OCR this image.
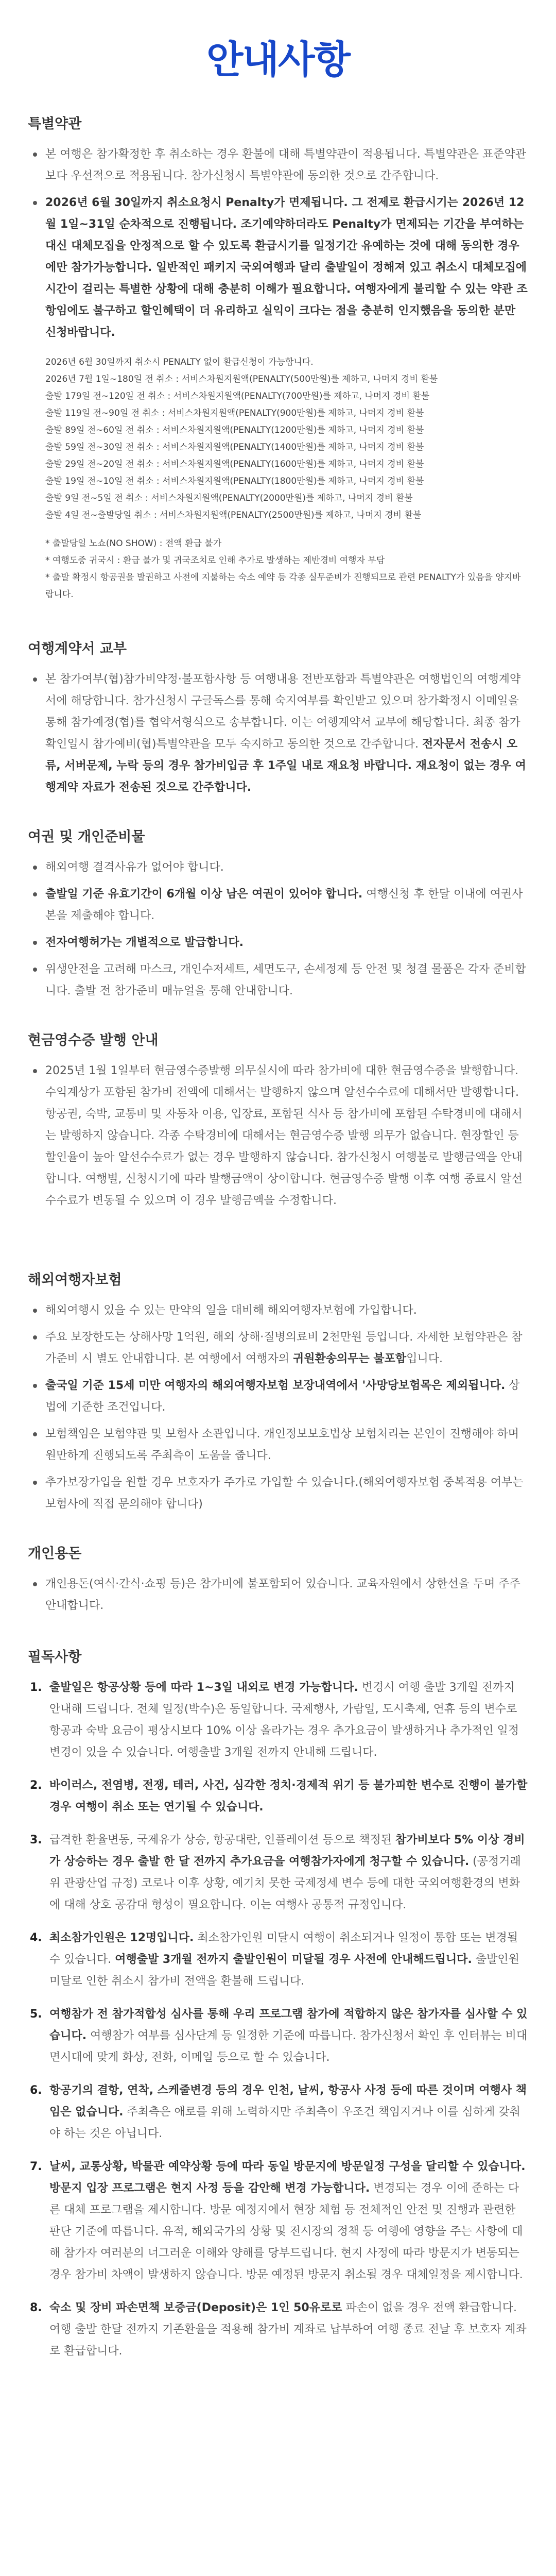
안내사항
특별약관
본 여행은 참가확정한 후 취소하는 경우 환불에 대해 특별약관이 적용됩니다. 특별약관은 표준약관보다 우선적으로 적용됩니다. 참가신청시 특별약관에 동의한 것으로 간주합니다.
2026년 6월 30일까지 취소요청시 Penalty가 면제됩니다. 그 전제로 환급시기는 2026년 12월 1일~31일 순차적으로 진행됩니다. 조기예약하더라도 Penalty가 면제되는 기간을 부여하는 대신 대체모집을 안정적으로 할 수 있도록 환급시기를 일정기간 유예하는 것에 대해 동의한 경우에만 참가가능합니다. 일반적인 패키지 국외여행과 달리 출발일이 정해져 있고 취소시 대체모집에 시간이 걸리는 특별한 상황에 대해 충분히 이해가 필요합니다. 여행자에게 불리할 수 있는 약관 조항임에도 불구하고 할인혜택이 더 유리하고 실익이 크다는 점을 충분히 인지했음을 동의한 분만 신청바랍니다.
2026년 6월 30일까지 취소시 PENALTY 없이 환급신청이 가능합니다.
2026년 7월 1일~180일 전 취소 : 서비스차원지원액(PENALTY(500만원)를 제하고, 나머지 경비 환불
출발 179일 전~120일 전 취소 : 서비스차원지원액(PENALTY(700만원)를 제하고, 나머지 경비 환불
출발 119일 전~90일 전 취소 : 서비스차원지원액(PENALTY(900만원)를 제하고, 나머지 경비 환불
출발 89일 전~60일 전 취소 : 서비스차원지원액(PENALTY(1200만원)를 제하고, 나머지 경비 환불
출발 59일 전~30일 전 취소 : 서비스차원지원액(PENALTY(1400만원)를 제하고, 나머지 경비 환불
출발 29일 전~20일 전 취소 : 서비스차원지원액(PENALTY(1600만원)를 제하고, 나머지 경비 환불
출발 19일 전~10일 전 취소 : 서비스차원지원액(PENALTY(1800만원)를 제하고, 나머지 경비 환불
출발 9일 전~5일 전 취소 : 서비스차원지원액(PENALTY(2000만원)를 제하고, 나머지 경비 환불
출발 4일 전~출발당일 취소 : 서비스차원지원액(PENALTY(2500만원)를 제하고, 나머지 경비 환불
* 출발당일 노쇼(NO SHOW) : 전액 환급 불가
* 여행도중 귀국시 : 환급 불가 및 귀국조치로 인해 추가로 발생하는 제반경비 여행자 부담
* 출발 확정시 항공권을 발권하고 사전에 지불하는 숙소 예약 등 각종 실무준비가 진행되므로 관련 PENALTY가 있음을 양지바랍니다.
여행계약서 교부
본 참가여부(협)참가비약정·불포함사항 등 여행내용 전반포함과 특별약관은 여행법인의 여행계약서에 해당합니다. 참가신청시 구글독스를 통해 숙지여부를 확인받고 있으며 참가확정시 이메일을 통해 참가예정(협)를 협약서형식으로 송부합니다. 이는 여행계약서 교부에 해당합니다. 최종 참가확인일시 참가예비(협)특별약관을 모두 숙지하고 동의한 것으로 간주합니다. 전자문서 전송시 오류, 서버문제, 누락 등의 경우 참가비입금 후 1주일 내로 재요청 바랍니다. 재요청이 없는 경우 여행계약 자료가 전송된 것으로 간주합니다.
여권 및 개인준비물
해외여행 결격사유가 없어야 합니다.
출발일 기준 유효기간이 6개월 이상 남은 여권이 있어야 합니다. 여행신청 후 한달 이내에 여권사본을 제출해야 합니다.
전자여행허가는 개별적으로 발급합니다.
위생안전을 고려해 마스크, 개인수저세트, 세면도구, 손세정제 등 안전 및 청결 물품은 각자 준비합니다. 출발 전 참가준비 매뉴얼을 통해 안내합니다.
현금영수증 발행 안내
2025년 1월 1일부터 현금영수증발행 의무실시에 따라 참가비에 대한 현금영수증을 발행합니다. 수익계상가 포함된 참가비 전액에 대해서는 발행하지 않으며 알선수수료에 대해서만 발행합니다. 항공권, 숙박, 교통비 및 자동차 이용, 입장료, 포함된 식사 등 참가비에 포함된 수탁경비에 대해서는 발행하지 않습니다. 각종 수탁경비에 대해서는 현금영수증 발행 의무가 없습니다. 현장할인 등 할인율이 높아 알선수수료가 없는 경우 발행하지 않습니다. 참가신청시 여행불로 발행금액을 안내합니다. 여행별, 신청시기에 따라 발행금액이 상이합니다. 현금영수증 발행 이후 여행 종료시 알선수수료가 변동될 수 있으며 이 경우 발행금액을 수정합니다.
해외여행자보험
해외여행시 있을 수 있는 만약의 일을 대비해 해외여행자보험에 가입합니다.
주요 보장한도는 상해사망 1억원, 해외 상해·질병의료비 2천만원 등입니다. 자세한 보험약관은 참가준비 시 별도 안내합니다. 본 여행에서 여행자의 귀원환송의무는 불포함입니다.
출국일 기준 15세 미만 여행자의 해외여행자보험 보장내역에서 '사망당보험목은 제외됩니다. 상법에 기준한 조건입니다.
보험책임은 보험약관 및 보험사 소관입니다. 개인정보보호법상 보험처리는 본인이 진행해야 하며 원만하게 진행되도록 주최측이 도움을 줍니다.
추가보장가입을 원할 경우 보호자가 주가로 가입할 수 있습니다.(해외여행자보험 중복적용 여부는 보험사에 직접 문의해야 합니다)
개인용돈
개인용돈(여식·간식·쇼핑 등)은 참가비에 불포함되어 있습니다. 교육자원에서 상한선을 두며 주주 안내합니다.
필독사항
1. 출발일은 항공상황 등에 따라 1~3일 내외로 변경 가능합니다. 변경시 여행 출발 3개월 전까지 안내해 드립니다. 전체 일정(박수)은 동일합니다. 국제행사, 가람일, 도시축제, 연휴 등의 변수로 항공과 숙박 요금이 평상시보다 10% 이상 올라가는 경우 추가요금이 발생하거나 추가적인 일정변경이 있을 수 있습니다. 여행출발 3개월 전까지 안내해 드립니다.
2. 바이러스, 전염병, 전쟁, 테러, 사건, 심각한 정치·경제적 위기 등 불가피한 변수로 진행이 불가할 경우 여행이 취소 또는 연기될 수 있습니다.
3. 급격한 환율변동, 국제유가 상승, 항공대란, 인플레이션 등으로 책정된 참가비보다 5% 이상 경비가 상승하는 경우 출발 한 달 전까지 추가요금을 여행참가자에게 청구할 수 있습니다. (공정거래위 관광산업 규정) 코로나 이후 상황, 예기치 못한 국제정세 변수 등에 대한 국외여행환경의 변화에 대해 상호 공감대 형성이 필요합니다. 이는 여행사 공통적 규정입니다.
4. 최소참가인원은 12명입니다. 최소참가인원 미달시 여행이 취소되거나 일정이 통합 또는 변경될 수 있습니다. 여행출발 3개월 전까지 출발인원이 미달될 경우 사전에 안내해드립니다. 출발인원 미달로 인한 취소시 참가비 전액을 환불해 드립니다.
5. 여행참가 전 참가적합성 심사를 통해 우리 프로그램 참가에 적합하지 않은 참가자를 심사할 수 있습니다. 여행참가 여부를 심사단계 등 일정한 기준에 따릅니다. 참가신청서 확인 후 인터뷰는 비대면시대에 맞게 화상, 전화, 이메일 등으로 할 수 있습니다.
6. 항공기의 결항, 연착, 스케줄변경 등의 경우 인천, 날씨, 항공사 사정 등에 따른 것이며 여행사 책임은 없습니다. 주최측은 애로를 위해 노력하지만 주최측이 우조건 책임지거나 이를 심하게 갖춰야 하는 것은 아닙니다.
7. 날씨, 교통상황, 박물관 예약상황 등에 따라 동일 방문지에 방문일정 구성을 달리할 수 있습니다. 방문지 입장 프로그램은 현지 사정 등을 감안해 변경 가능합니다. 변경되는 경우 이에 준하는 다른 대체 프로그램을 제시합니다. 방문 예정지에서 현장 체험 등 전체적인 안전 및 진행과 관련한 판단 기준에 따릅니다. 유적, 해외국가의 상황 및 전시장의 정책 등 여행에 영향을 주는 사항에 대해 참가자 여러분의 너그러운 이해와 양해를 당부드립니다. 현지 사정에 따라 방문지가 변동되는 경우 참가비 차액이 발생하지 않습니다. 방문 예정된 방문지 취소될 경우 대체일정을 제시합니다.
8. 숙소 및 장비 파손면책 보증금(Deposit)은 1인 50유로로 파손이 없을 경우 전액 환급합니다. 여행 출발 한달 전까지 기존환율을 적용해 참가비 계좌로 납부하여 여행 종료 전날 후 보호자 계좌로 환급합니다.
